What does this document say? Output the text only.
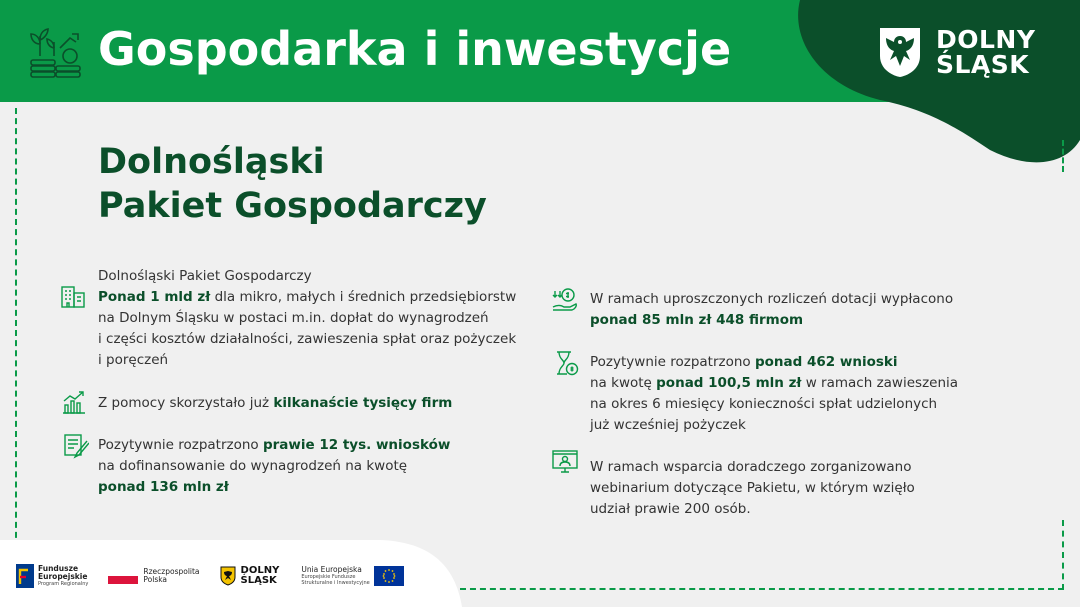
Gospodarka i inwestycje	DOLNY
ŚLĄSK
Dolnośląski
Pakiet Gospodarczy
Dolnośląski Pakiet Gospodarczy
Ponad 1 mld zł dla mikro, małych i średnich przedsiębiorstw
na Dolnym Śląsku w postaci m.in. dopłat do wynagrodzeń
i części kosztów działalności, zawieszenia spłat oraz pożyczek
i poręczeń
Z pomocy skorzystało już kilkanaście tysięcy firm
Pozytywnie rozpatrzono prawie 12 tys. wniosków
na dofinansowanie do wynagrodzeń na kwotę
ponad 136 mln zł
W ramach uproszczonych rozliczeń dotacji wypłacono
ponad 85 mln zł 448 firmom
Pozytywnie rozpatrzono ponad 462 wnioski
na kwotę ponad 100,5 mln zł w ramach zawieszenia
na okres 6 miesięcy konieczności spłat udzielonych
już wcześniej pożyczek
W ramach wsparcia doradczego zorganizowano
webinarium dotyczące Pakietu, w którym wzięło
udział prawie 200 osób.
Fundusze
Europejskie
Program Regionalny
Rzeczpospolita
Polska
DOLNY
ŚLĄSK
Unia Europejska
Europejskie Fundusze
Strukturalne i Inwestycyjne
